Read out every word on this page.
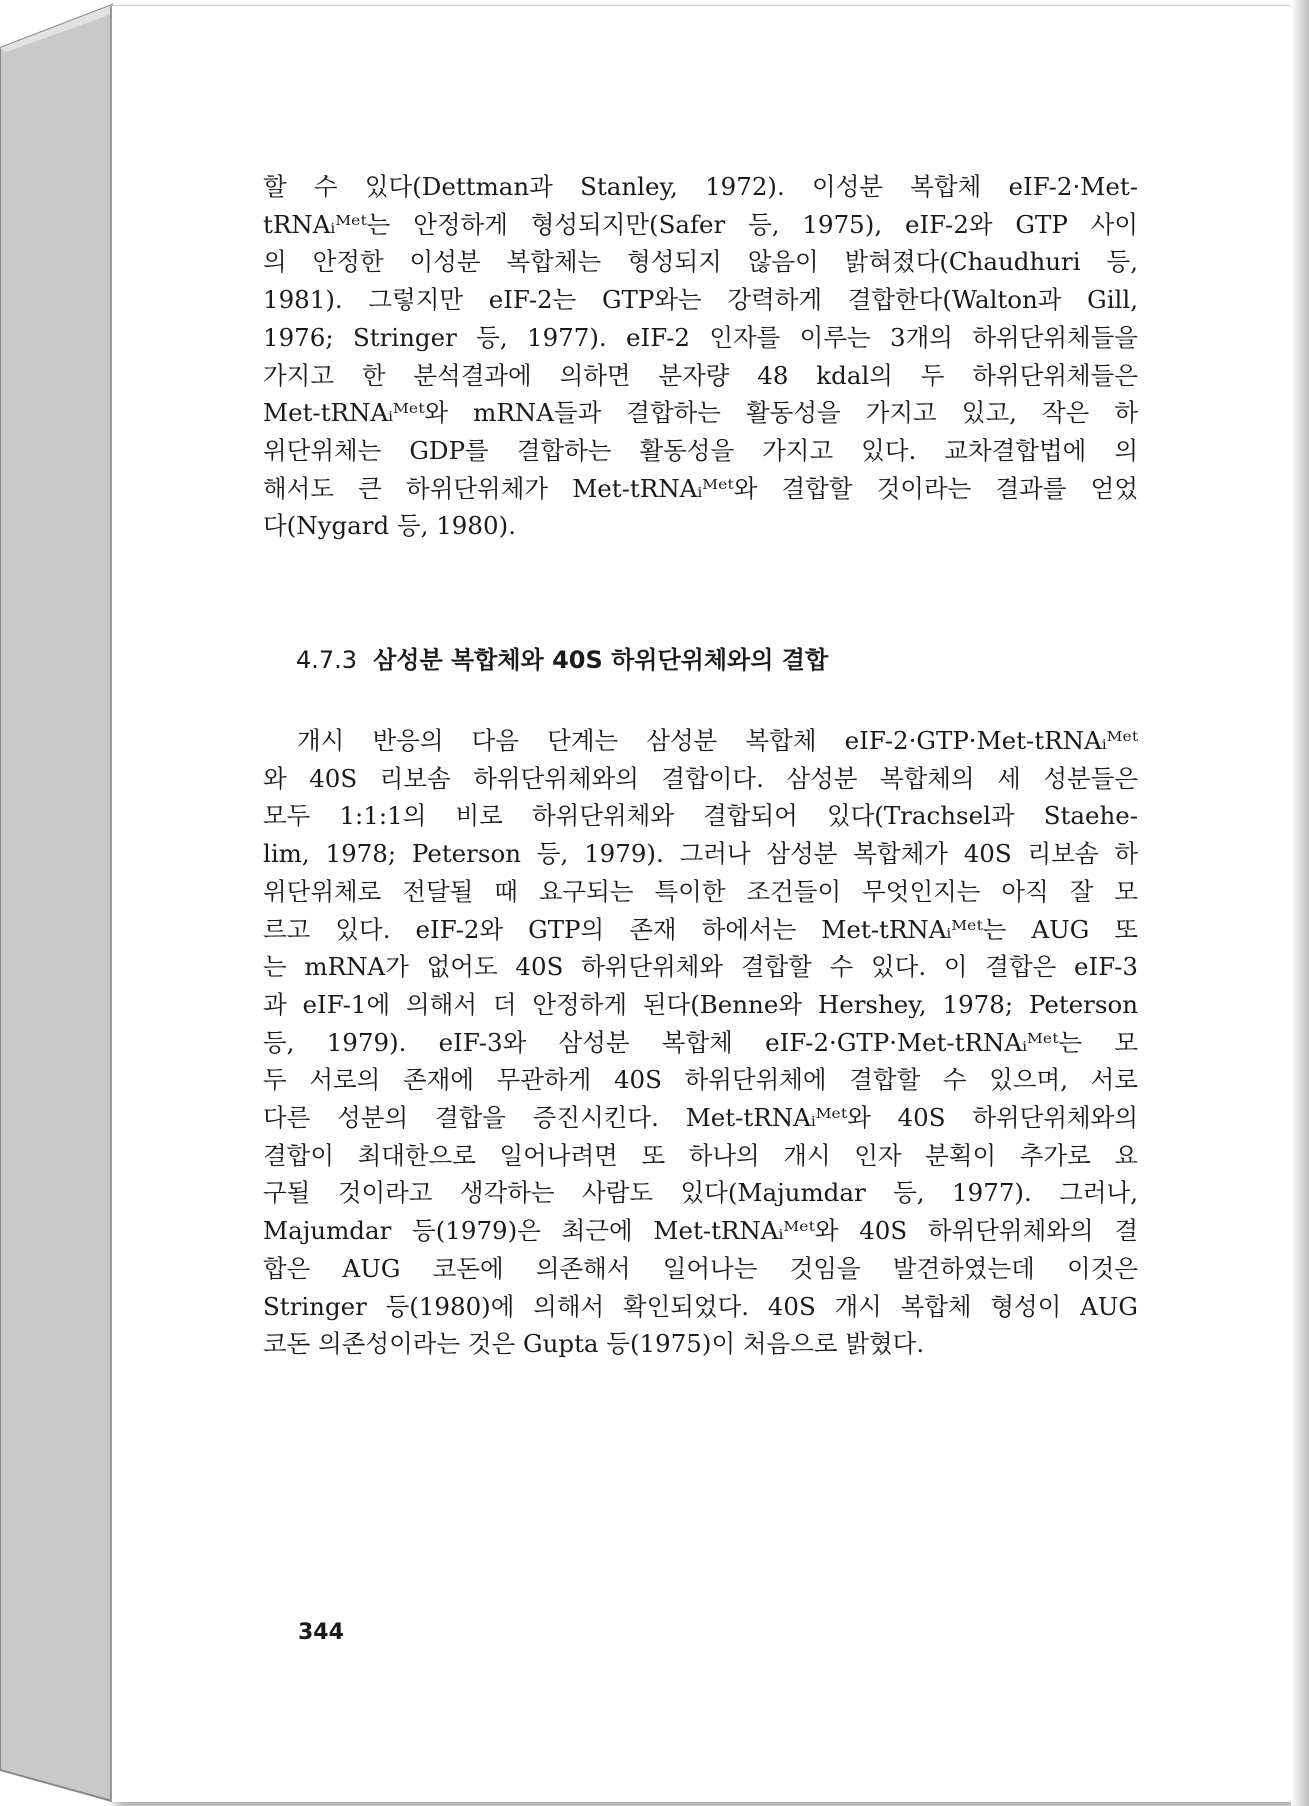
할 수 있다(Dettman과 Stanley, 1972). 이성분 복합체 eIF-2·Met-
tRNAᵢᴹᵉᵗ는 안정하게 형성되지만(Safer 등, 1975), eIF-2와 GTP 사이
의 안정한 이성분 복합체는 형성되지 않음이 밝혀졌다(Chaudhuri 등,
1981). 그렇지만 eIF-2는 GTP와는 강력하게 결합한다(Walton과 Gill,
1976; Stringer 등, 1977). eIF-2 인자를 이루는 3개의 하위단위체들을
가지고 한 분석결과에 의하면 분자량 48 kdal의 두 하위단위체들은
Met-tRNAᵢᴹᵉᵗ와 mRNA들과 결합하는 활동성을 가지고 있고, 작은 하
위단위체는 GDP를 결합하는 활동성을 가지고 있다. 교차결합법에 의
해서도 큰 하위단위체가 Met-tRNAᵢᴹᵉᵗ와 결합할 것이라는 결과를 얻었
다(Nygard 등, 1980).
4.7.3 삼성분 복합체와 40S 하위단위체와의 결합
개시 반응의 다음 단계는 삼성분 복합체 eIF-2·GTP·Met-tRNAᵢᴹᵉᵗ
와 40S 리보솜 하위단위체와의 결합이다. 삼성분 복합체의 세 성분들은
모두 1:1:1의 비로 하위단위체와 결합되어 있다(Trachsel과 Staehe-
lim, 1978; Peterson 등, 1979). 그러나 삼성분 복합체가 40S 리보솜 하
위단위체로 전달될 때 요구되는 특이한 조건들이 무엇인지는 아직 잘 모
르고 있다. eIF-2와 GTP의 존재 하에서는 Met-tRNAᵢᴹᵉᵗ는 AUG 또
는 mRNA가 없어도 40S 하위단위체와 결합할 수 있다. 이 결합은 eIF-3
과 eIF-1에 의해서 더 안정하게 된다(Benne와 Hershey, 1978; Peterson
등, 1979). eIF-3와 삼성분 복합체 eIF-2·GTP·Met-tRNAᵢᴹᵉᵗ는 모
두 서로의 존재에 무관하게 40S 하위단위체에 결합할 수 있으며, 서로
다른 성분의 결합을 증진시킨다. Met-tRNAᵢᴹᵉᵗ와 40S 하위단위체와의
결합이 최대한으로 일어나려면 또 하나의 개시 인자 분획이 추가로 요
구될 것이라고 생각하는 사람도 있다(Majumdar 등, 1977). 그러나,
Majumdar 등(1979)은 최근에 Met-tRNAᵢᴹᵉᵗ와 40S 하위단위체와의 결
합은 AUG 코돈에 의존해서 일어나는 것임을 발견하였는데 이것은
Stringer 등(1980)에 의해서 확인되었다. 40S 개시 복합체 형성이 AUG
코돈 의존성이라는 것은 Gupta 등(1975)이 처음으로 밝혔다.
344
